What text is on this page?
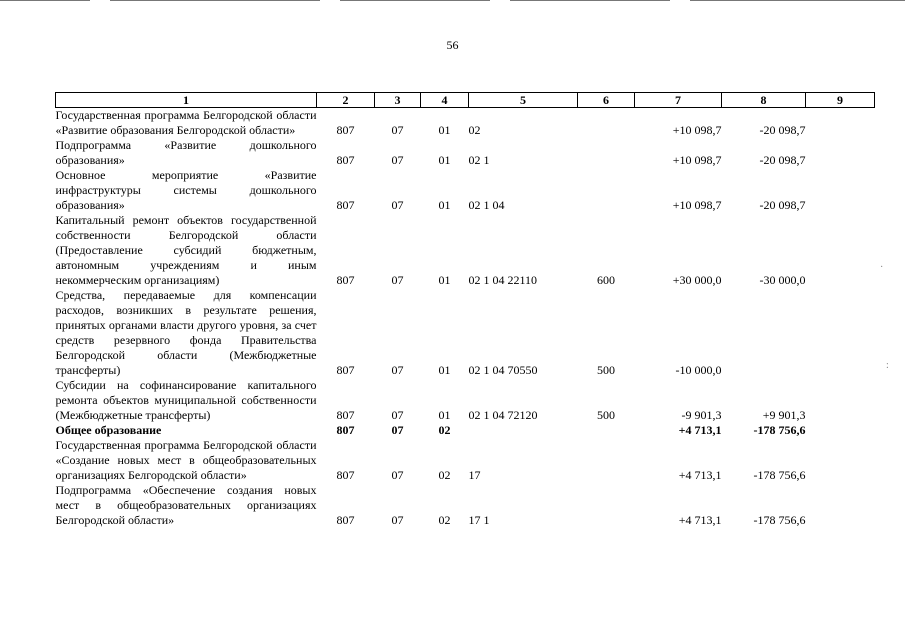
56
1	2	3	4	5	6	7	8	9
Государственная программа Белгородской области «Развитие образования Белгородской области»	807	07	01	02		+10 098,7	-20 098,7	
Подпрограмма «Развитие дошкольного образования»	807	07	01	02 1		+10 098,7	-20 098,7	
Основное мероприятие «Развитие инфраструктуры системы дошкольного образования»	807	07	01	02 1 04		+10 098,7	-20 098,7	
Капитальный ремонт объектов государственной собственности Белгородской области (Предоставление субсидий бюджетным, автономным учреждениям и иным некоммерческим организациям)	807	07	01	02 1 04 22110	600	+30 000,0	-30 000,0	
Средства, передаваемые для компенсации расходов, возникших в результате решения, принятых органами власти другого уровня, за счет средств резервного фонда Правительства Белгородской области (Межбюджетные трансферты)	807	07	01	02 1 04 70550	500	-10 000,0		
Субсидии на софинансирование капитального ремонта объектов муниципальной собственности (Межбюджетные трансферты)	807	07	01	02 1 04 72120	500	-9 901,3	+9 901,3	
Общее образование	807	07	02			+4 713,1	-178 756,6	
Государственная программа Белгородской области «Создание новых мест в общеобразовательных организациях Белгородской области»	807	07	02	17		+4 713,1	-178 756,6	
Подпрограмма «Обеспечение создания новых мест в общеобразовательных организациях Белгородской области»	807	07	02	17 1		+4 713,1	-178 756,6	
·
:
